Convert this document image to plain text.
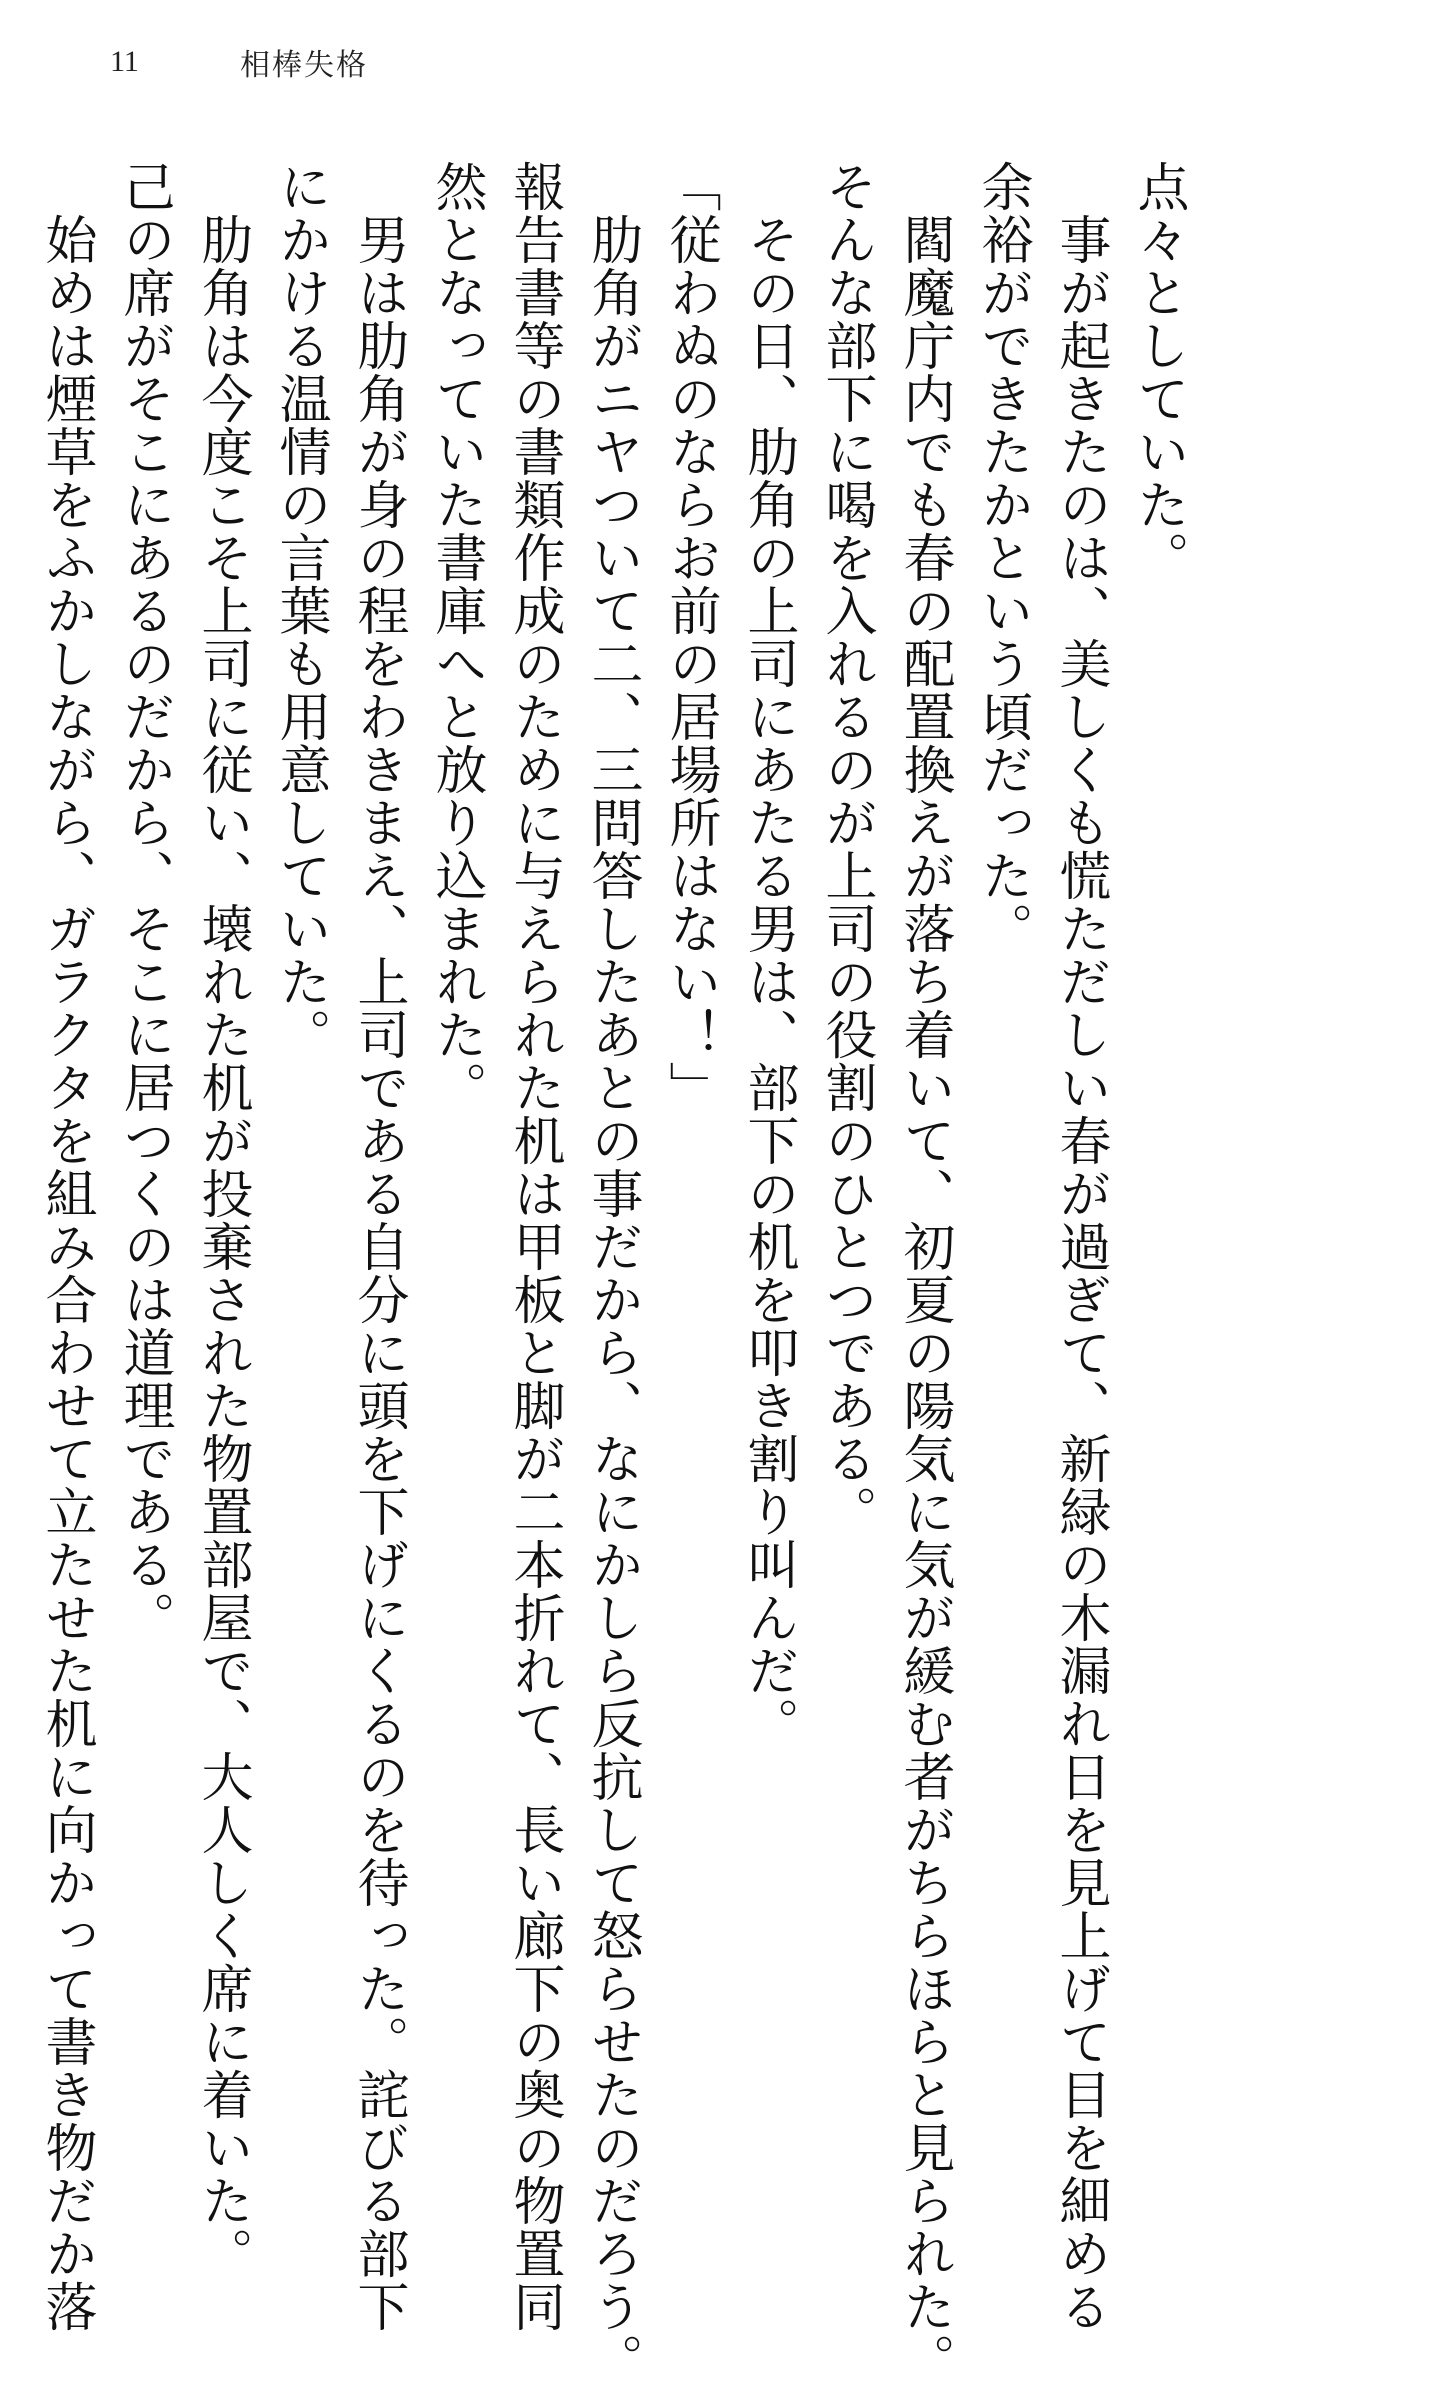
11	相棒失格

点々としていた。

　事が起きたのは、美しくも慌ただしい春が過ぎて、新緑の木漏れ日を見上げて目を細める

余裕ができたかという頃だった。

　閻魔庁内でも春の配置換えが落ち着いて、初夏の陽気に気が緩む者がちらほらと見られた。

そんな部下に喝を入れるのが上司の役割のひとつである。

　その日、肋角の上司にあたる男は、部下の机を叩き割り叫んだ。

「従わぬのならお前の居場所はない！」

　肋角がニヤついて二、三問答したあとの事だから、なにかしら反抗して怒らせたのだろう。

報告書等の書類作成のために与えられた机は甲板と脚が二本折れて、長い廊下の奥の物置同

然となっていた書庫へと放り込まれた。

　男は肋角が身の程をわきまえ、上司である自分に頭を下げにくるのを待った。詫びる部下

にかける温情の言葉も用意していた。

　肋角は今度こそ上司に従い、壊れた机が投棄された物置部屋で、大人しく席に着いた。

己の席がそこにあるのだから、そこに居つくのは道理である。

　始めは煙草をふかしながら、ガラクタを組み合わせて立たせた机に向かって書き物だか落
